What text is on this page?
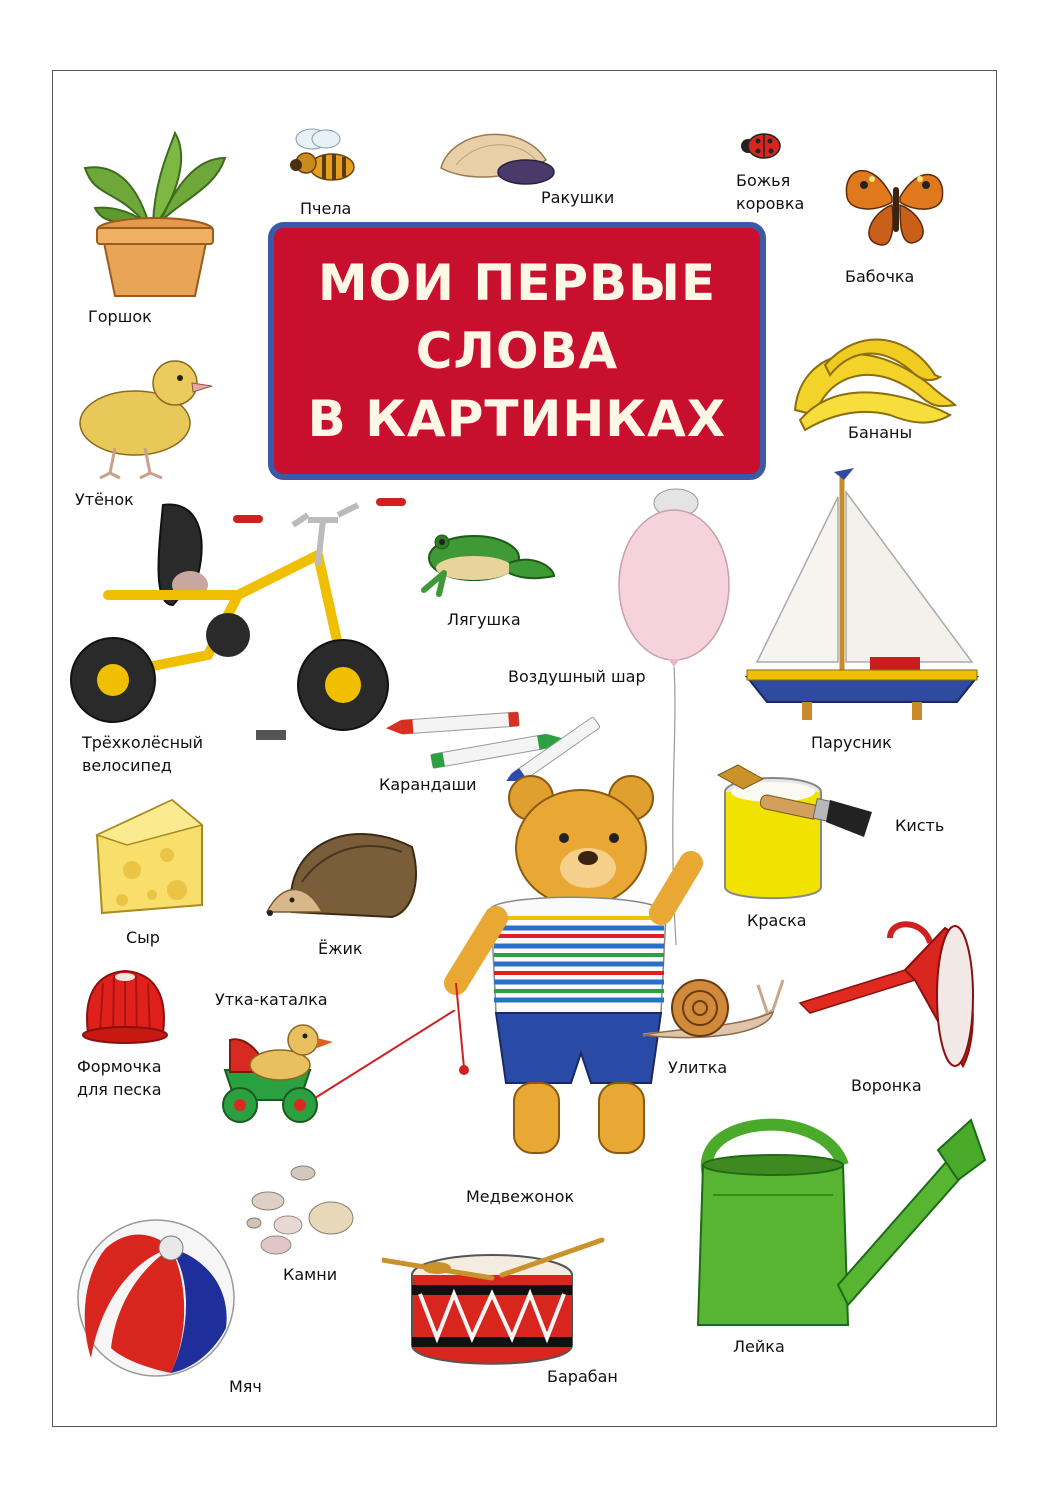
МОИ ПЕРВЫЕ
СЛОВА
В КАРТИНКАХ
Горшок
Пчела
Ракушки
Божья
коровка
Бабочка
Бананы
Утёнок
Трёхколёсный
велосипед
Лягушка
Воздушный шар
Парусник
Карандаши
Кисть
Краска
Сыр
Ёжик
Медвежонок
Утка-каталка
Формочка
для песка
Улитка
Воронка
Лейка
Камни
Мяч
Барабан
